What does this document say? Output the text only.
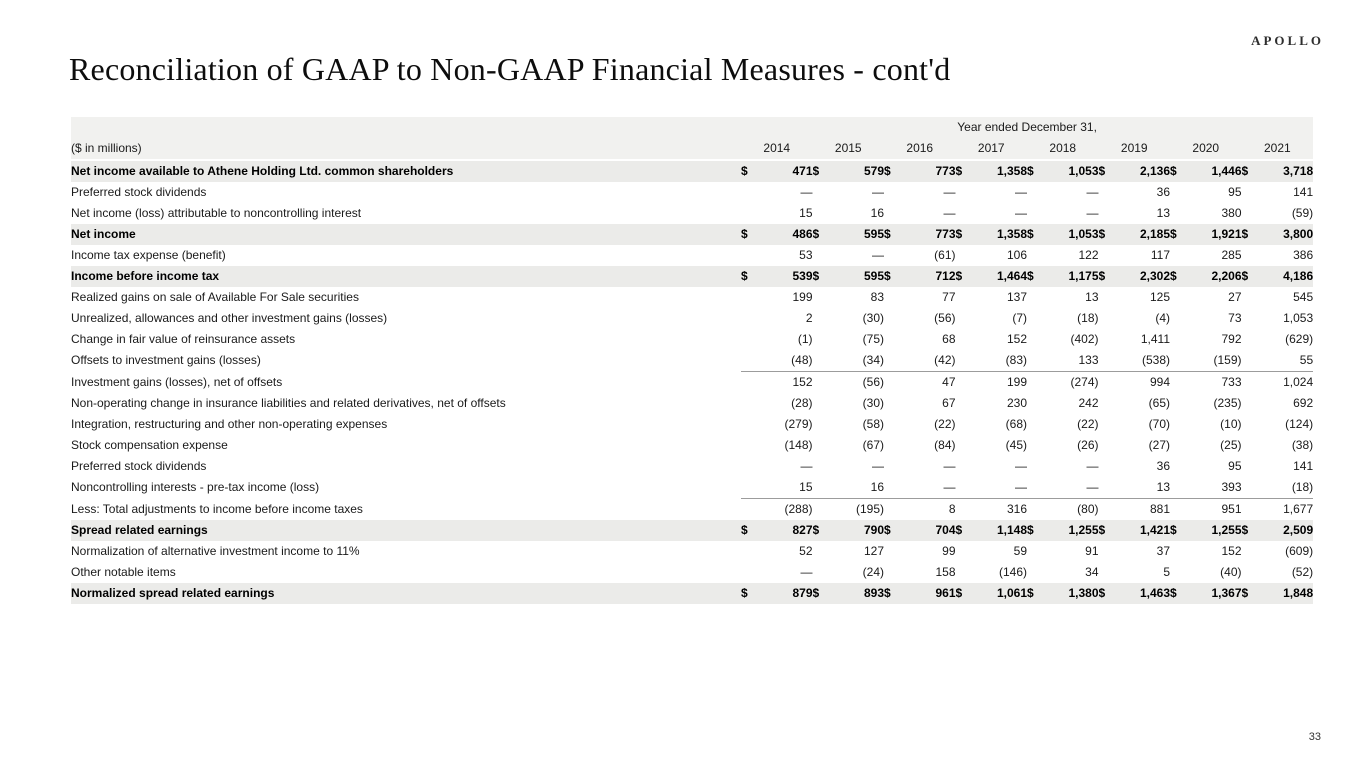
APOLLO
Reconciliation of GAAP to Non-GAAP Financial Measures - cont'd
	Year ended December 31,															
($ in millions)	2014		2015		2016		2017		2018		2019		2020		2021	
Net income available to Athene Holding Ltd. common shareholders	$	471	$	579	$	773	$	1,358	$	1,053	$	2,136	$	1,446	$	3,718
Preferred stock dividends		—		—		—		—		—		36		95		141
Net income (loss) attributable to noncontrolling interest		15		16		—		—		—		13		380		(59)
Net income	$	486	$	595	$	773	$	1,358	$	1,053	$	2,185	$	1,921	$	3,800
Income tax expense (benefit)		53		—		(61)		106		122		117		285		386
Income before income tax	$	539	$	595	$	712	$	1,464	$	1,175	$	2,302	$	2,206	$	4,186
Realized gains on sale of Available For Sale securities		199		83		77		137		13		125		27		545
Unrealized, allowances and other investment gains (losses)		2		(30)		(56)		(7)		(18)		(4)		73		1,053
Change in fair value of reinsurance assets		(1)		(75)		68		152		(402)		1,411		792		(629)
Offsets to investment gains (losses)		(48)		(34)		(42)		(83)		133		(538)		(159)		55
Investment gains (losses), net of offsets		152		(56)		47		199		(274)		994		733		1,024
Non-operating change in insurance liabilities and related derivatives, net of offsets		(28)		(30)		67		230		242		(65)		(235)		692
Integration, restructuring and other non-operating expenses		(279)		(58)		(22)		(68)		(22)		(70)		(10)		(124)
Stock compensation expense		(148)		(67)		(84)		(45)		(26)		(27)		(25)		(38)
Preferred stock dividends		—		—		—		—		—		36		95		141
Noncontrolling interests - pre-tax income (loss)		15		16		—		—		—		13		393		(18)
Less: Total adjustments to income before income taxes		(288)		(195)		8		316		(80)		881		951		1,677
Spread related earnings	$	827	$	790	$	704	$	1,148	$	1,255	$	1,421	$	1,255	$	2,509
Normalization of alternative investment income to 11%		52		127		99		59		91		37		152		(609)
Other notable items		—		(24)		158		(146)		34		5		(40)		(52)
Normalized spread related earnings	$	879	$	893	$	961	$	1,061	$	1,380	$	1,463	$	1,367	$	1,848
33
